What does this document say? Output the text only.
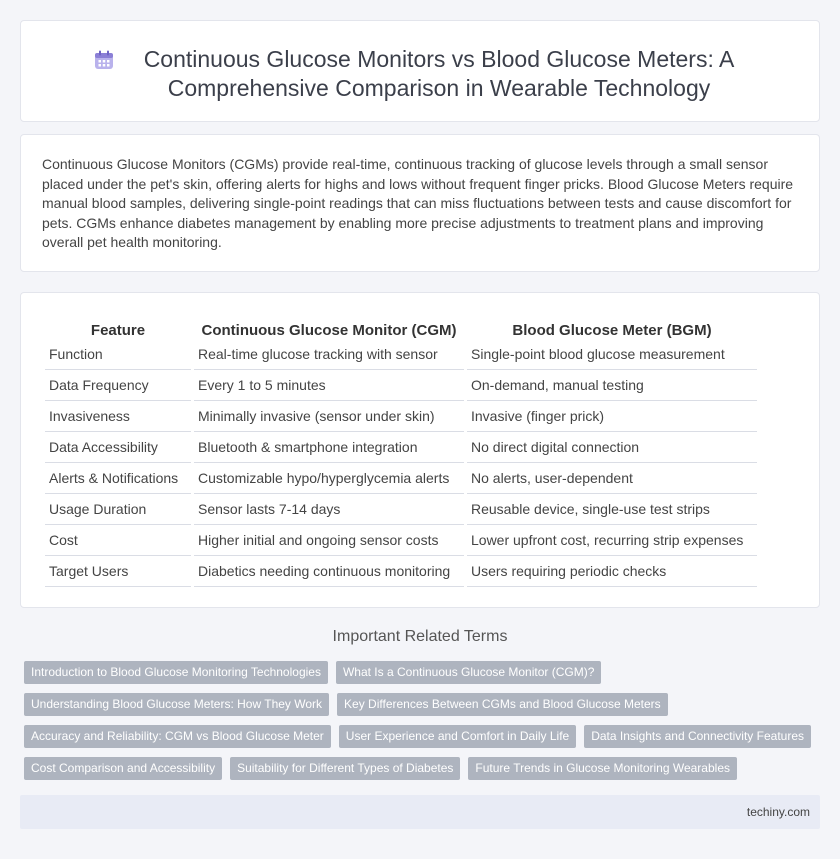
Continuous Glucose Monitors vs Blood Glucose Meters: A Comprehensive Comparison in Wearable Technology

Continuous Glucose Monitors (CGMs) provide real-time, continuous tracking of glucose levels through a small sensor placed under the pet's skin, offering alerts for highs and lows without frequent finger pricks. Blood Glucose Meters require manual blood samples, delivering single-point readings that can miss fluctuations between tests and cause discomfort for pets. CGMs enhance diabetes management by enabling more precise adjustments to treatment plans and improving overall pet health monitoring.

Feature	Continuous Glucose Monitor (CGM)	Blood Glucose Meter (BGM)
Function	Real-time glucose tracking with sensor	Single-point blood glucose measurement
Data Frequency	Every 1 to 5 minutes	On-demand, manual testing
Invasiveness	Minimally invasive (sensor under skin)	Invasive (finger prick)
Data Accessibility	Bluetooth & smartphone integration	No direct digital connection
Alerts & Notifications	Customizable hypo/hyperglycemia alerts	No alerts, user-dependent
Usage Duration	Sensor lasts 7-14 days	Reusable device, single-use test strips
Cost	Higher initial and ongoing sensor costs	Lower upfront cost, recurring strip expenses
Target Users	Diabetics needing continuous monitoring	Users requiring periodic checks
Important Related Terms
Introduction to Blood Glucose Monitoring Technologies	What Is a Continuous Glucose Monitor (CGM)?
Understanding Blood Glucose Meters: How They Work	Key Differences Between CGMs and Blood Glucose Meters
Accuracy and Reliability: CGM vs Blood Glucose Meter	User Experience and Comfort in Daily Life	Data Insights and Connectivity Features
Cost Comparison and Accessibility	Suitability for Different Types of Diabetes	Future Trends in Glucose Monitoring Wearables
techiny.com
